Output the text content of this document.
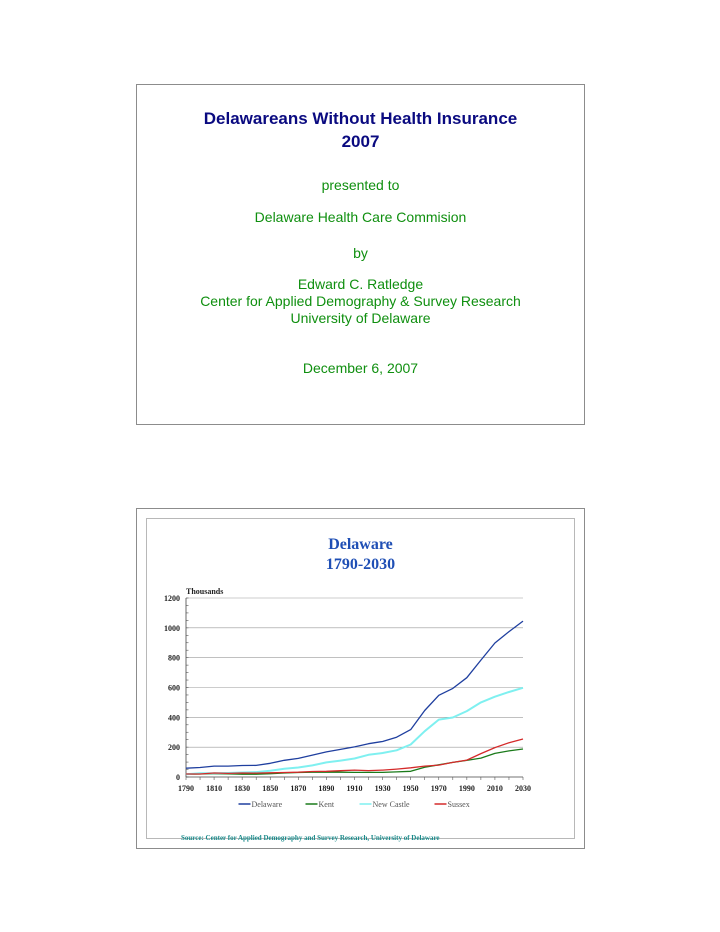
Delawareans Without Health Insurance
2007
presented to
Delaware Health Care Commision
by
Edward C. Ratledge
Center for Applied Demography & Survey Research
University of Delaware
December 6, 2007
Delaware
1790-2030
0
200
400
600
800
1000
1200
1790 1810 1830 1850 1870 1890 1910 1930 1950 1970 1990 2010 2030
Thousands
Delaware	Kent	New Castle	Sussex
Source: Center for Applied Demography and Survey Research, University of Delaware
